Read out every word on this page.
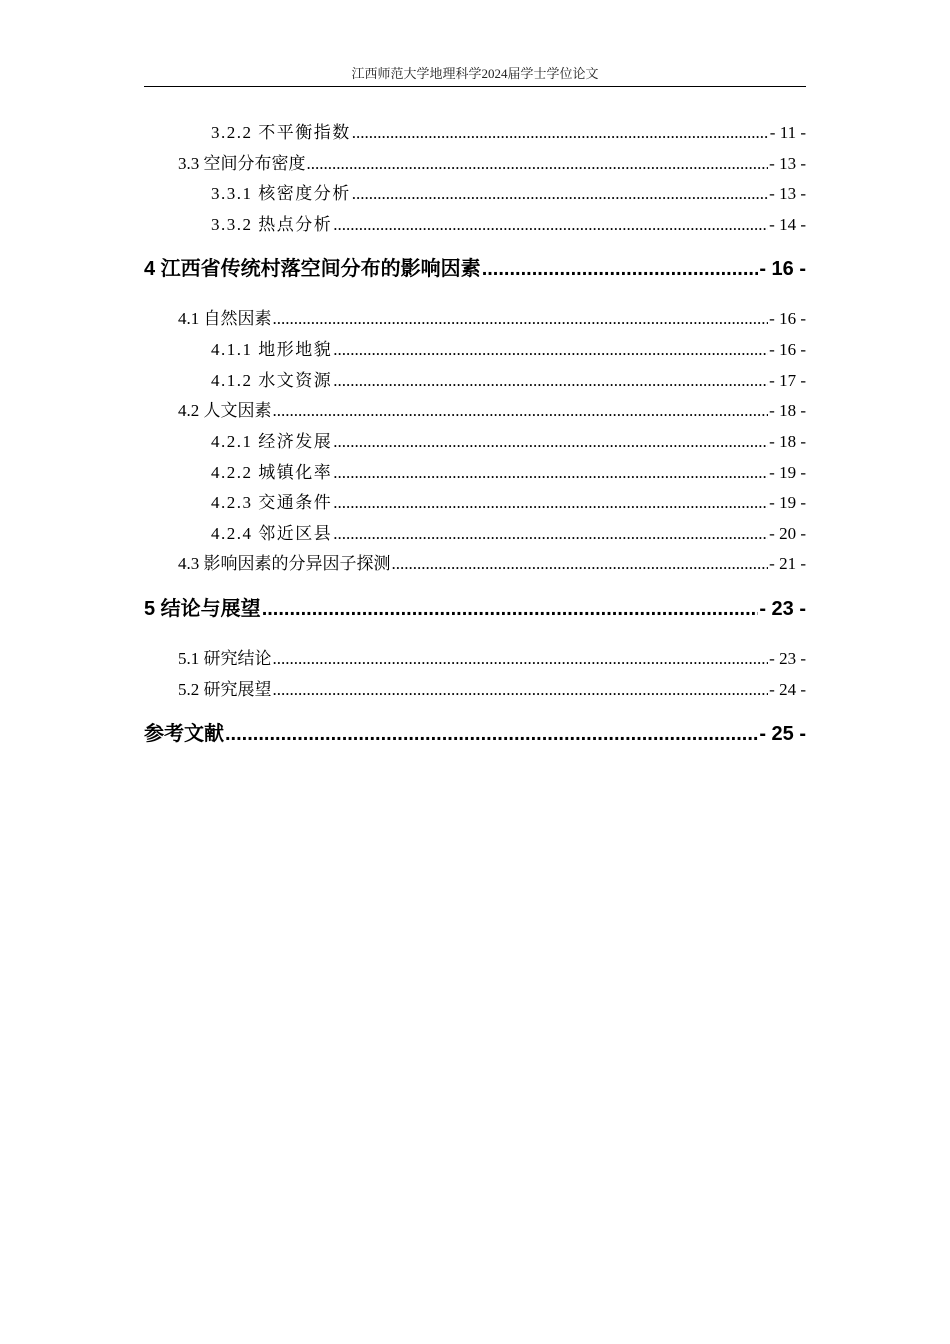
江西师范大学地理科学2024届学士学位论文
3.2.2 不平衡指数 .....	- 11 -
3.3 空间分布密度 .....	- 13 -
3.3.1 核密度分析 .....	- 13 -
3.3.2 热点分析 .....	- 14 -
4 江西省传统村落空间分布的影响因素 .....	- 16 -
4.1 自然因素 .....	- 16 -
4.1.1 地形地貌 .....	- 16 -
4.1.2 水文资源 .....	- 17 -
4.2 人文因素 .....	- 18 -
4.2.1 经济发展 .....	- 18 -
4.2.2 城镇化率 .....	- 19 -
4.2.3 交通条件 .....	- 19 -
4.2.4 邻近区县 .....	- 20 -
4.3 影响因素的分异因子探测 .....	- 21 -
5 结论与展望 .....	- 23 -
5.1 研究结论 .....	- 23 -
5.2 研究展望 .....	- 24 -
参考文献 .....	- 25 -
